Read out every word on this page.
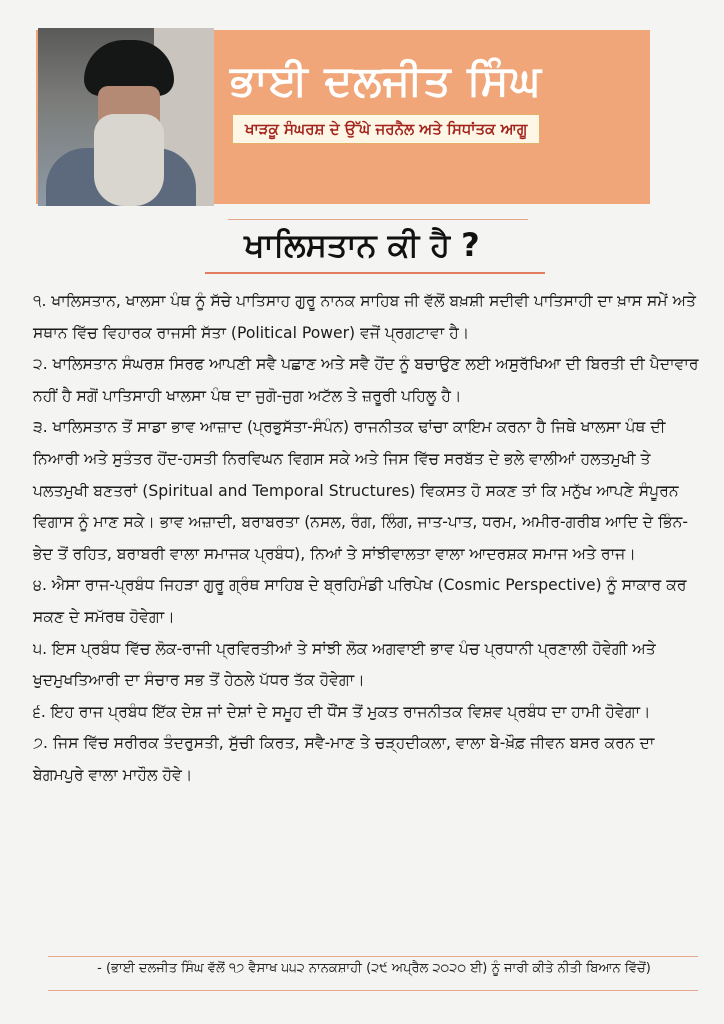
ਭਾਈ ਦਲਜੀਤ ਸਿੰਘ
ਖਾੜਕੂ ਸੰਘਰਸ਼ ਦੇ ਉੱਘੇ ਜਰਨੈਲ ਅਤੇ ਸਿਧਾਂਤਕ ਆਗੂ
ਖਾਲਿਸਤਾਨ ਕੀ ਹੈ ?

੧. ਖਾਲਿਸਤਾਨ, ਖਾਲਸਾ ਪੰਥ ਨੂੰ ਸੱਚੇ ਪਾਤਿਸਾਹ ਗੁਰੂ ਨਾਨਕ ਸਾਹਿਬ ਜੀ ਵੱਲੋਂ ਬਖ਼ਸ਼ੀ ਸਦੀਵੀ ਪਾਤਿਸਾਹੀ ਦਾ ਖ਼ਾਸ ਸਮੇਂ ਅਤੇ ਸਥਾਨ ਵਿੱਚ ਵਿਹਾਰਕ ਰਾਜਸੀ ਸੱਤਾ (Political Power) ਵਜੋਂ ਪ੍ਰਗਟਾਵਾ ਹੈ।

੨. ਖਾਲਿਸਤਾਨ ਸੰਘਰਸ਼ ਸਿਰਫ ਆਪਣੀ ਸਵੈ ਪਛਾਣ ਅਤੇ ਸਵੈ ਹੋਂਦ ਨੂੰ ਬਚਾਉਣ ਲਈ ਅਸੁਰੱਖਿਆ ਦੀ ਬਿਰਤੀ ਦੀ ਪੈਦਾਵਾਰ ਨਹੀਂ ਹੈ ਸਗੋਂ ਪਾਤਿਸਾਹੀ ਖਾਲਸਾ ਪੰਥ ਦਾ ਜੁਗੋ-ਜੁਗ ਅਟੱਲ ਤੇ ਜ਼ਰੂਰੀ ਪਹਿਲੂ ਹੈ।

੩. ਖਾਲਿਸਤਾਨ ਤੋਂ ਸਾਡਾ ਭਾਵ ਆਜ਼ਾਦ (ਪ੍ਰਭੁਸੱਤਾ-ਸੰਪੰਨ) ਰਾਜਨੀਤਕ ਢਾਂਚਾ ਕਾਇਮ ਕਰਨਾ ਹੈ ਜਿਥੇ ਖਾਲਸਾ ਪੰਥ ਦੀ ਨਿਆਰੀ ਅਤੇ ਸੁਤੰਤਰ ਹੋਂਦ-ਹਸਤੀ ਨਿਰਵਿਘਨ ਵਿਗਸ ਸਕੇ ਅਤੇ ਜਿਸ ਵਿੱਚ ਸਰਬੱਤ ਦੇ ਭਲੇ ਵਾਲੀਆਂ ਹਲਤਮੁਖੀ ਤੇ ਪਲਤਮੁਖੀ ਬਣਤਰਾਂ (Spiritual and Temporal Structures) ਵਿਕਸਤ ਹੋ ਸਕਣ ਤਾਂ ਕਿ ਮਨੁੱਖ ਆਪਣੇ ਸੰਪੂਰਨ ਵਿਗਾਸ ਨੂੰ ਮਾਣ ਸਕੇ। ਭਾਵ ਅਜ਼ਾਦੀ, ਬਰਾਬਰਤਾ (ਨਸਲ, ਰੰਗ, ਲਿੰਗ, ਜਾਤ-ਪਾਤ, ਧਰਮ, ਅਮੀਰ-ਗਰੀਬ ਆਦਿ ਦੇ ਭਿੰਨ-ਭੇਦ ਤੋਂ ਰਹਿਤ, ਬਰਾਬਰੀ ਵਾਲਾ ਸਮਾਜਕ ਪ੍ਰਬੰਧ), ਨਿਆਂ ਤੇ ਸਾਂਝੀਵਾਲਤਾ ਵਾਲਾ ਆਦਰਸ਼ਕ ਸਮਾਜ ਅਤੇ ਰਾਜ।

੪. ਐਸਾ ਰਾਜ-ਪ੍ਰਬੰਧ ਜਿਹੜਾ ਗੁਰੂ ਗ੍ਰੰਥ ਸਾਹਿਬ ਦੇ ਬ੍ਰਹਿਮੰਡੀ ਪਰਿਪੇਖ (Cosmic Perspective) ਨੂੰ ਸਾਕਾਰ ਕਰ ਸਕਣ ਦੇ ਸਮੱਰਥ ਹੋਵੇਗਾ।

੫. ਇਸ ਪ੍ਰਬੰਧ ਵਿੱਚ ਲੋਕ-ਰਾਜੀ ਪ੍ਰਵਿਰਤੀਆਂ ਤੇ ਸਾਂਝੀ ਲੋਕ ਅਗਵਾਈ ਭਾਵ ਪੰਚ ਪ੍ਰਧਾਨੀ ਪ੍ਰਣਾਲੀ ਹੋਵੇਗੀ ਅਤੇ ਖੁਦਮੁਖਤਿਆਰੀ ਦਾ ਸੰਚਾਰ ਸਭ ਤੋਂ ਹੇਠਲੇ ਪੱਧਰ ਤੱਕ ਹੋਵੇਗਾ।

੬. ਇਹ ਰਾਜ ਪ੍ਰਬੰਧ ਇੱਕ ਦੇਸ਼ ਜਾਂ ਦੇਸ਼ਾਂ ਦੇ ਸਮੂਹ ਦੀ ਧੌਂਸ ਤੋਂ ਮੁਕਤ ਰਾਜਨੀਤਕ ਵਿਸ਼ਵ ਪ੍ਰਬੰਧ ਦਾ ਹਾਮੀ ਹੋਵੇਗਾ।

੭. ਜਿਸ ਵਿੱਚ ਸਰੀਰਕ ਤੰਦਰੁਸਤੀ, ਸੁੱਚੀ ਕਿਰਤ, ਸਵੈ-ਮਾਣ ਤੇ ਚੜ੍ਹਦੀਕਲਾ, ਵਾਲਾ ਬੇ-ਖ਼ੌਫ਼ ਜੀਵਨ ਬਸਰ ਕਰਨ ਦਾ ਬੇਗਮਪੁਰੇ ਵਾਲਾ ਮਾਹੌਲ ਹੋਵੇ।

- (ਭਾਈ ਦਲਜੀਤ ਸਿੰਘ ਵੱਲੋਂ ੧੭ ਵੈਸਾਖ ੫੫੨ ਨਾਨਕਸ਼ਾਹੀ (੨੯ ਅਪ੍ਰੈਲ ੨੦੨੦ ਈ) ਨੂੰ ਜਾਰੀ ਕੀਤੇ ਨੀਤੀ ਬਿਆਨ ਵਿੱਚੋਂ)
